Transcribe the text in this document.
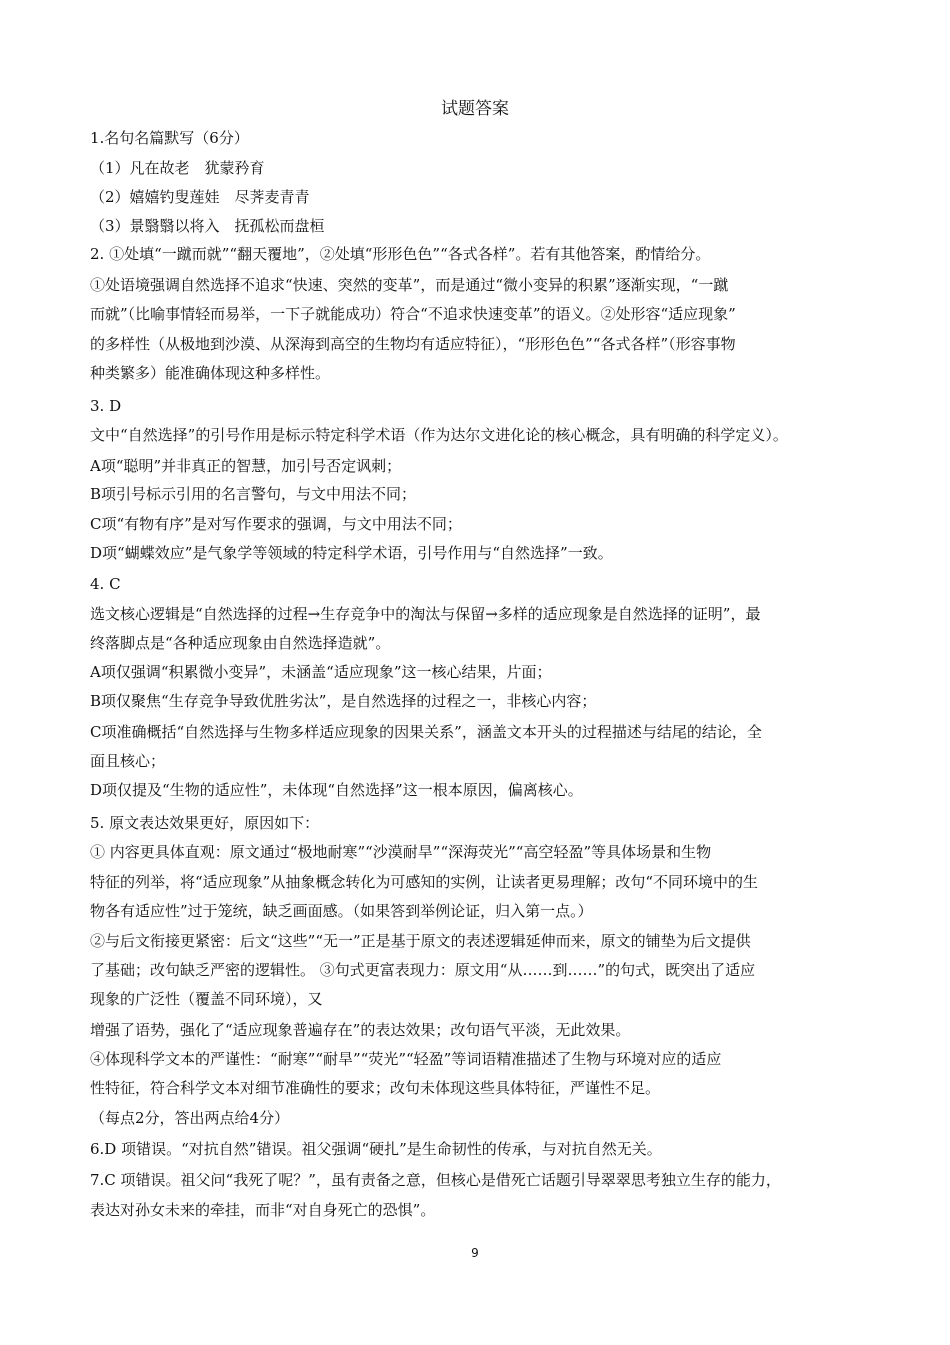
试题答案
1.名句名篇默写（6分）
（1）凡在故老　犹蒙矜育
（2）嬉嬉钓叟莲娃　尽荠麦青青
（3）景翳翳以将入　抚孤松而盘桓
2. ①处填“一蹴而就”“翻天覆地”，②处填“形形色色”“各式各样”。若有其他答案，酌情给分。
①处语境强调自然选择不追求“快速、突然的变革”，而是通过“微小变异的积累”逐渐实现，“一蹴
而就”（比喻事情轻而易举，一下子就能成功）符合“不追求快速变革”的语义。②处形容“适应现象”
的多样性（从极地到沙漠、从深海到高空的生物均有适应特征），“形形色色”“各式各样”（形容事物
种类繁多）能准确体现这种多样性。
3. D
文中“自然选择”的引号作用是标示特定科学术语（作为达尔文进化论的核心概念，具有明确的科学定义）。
A项“聪明”并非真正的智慧，加引号否定讽刺；
B项引号标示引用的名言警句，与文中用法不同；
C项“有物有序”是对写作要求的强调，与文中用法不同；
D项“蝴蝶效应”是气象学等领域的特定科学术语，引号作用与“自然选择”一致。
4. C
选文核心逻辑是“自然选择的过程→生存竞争中的淘汰与保留→多样的适应现象是自然选择的证明”，最
终落脚点是“各种适应现象由自然选择造就”。
A项仅强调“积累微小变异”，未涵盖“适应现象”这一核心结果，片面；
B项仅聚焦“生存竞争导致优胜劣汰”，是自然选择的过程之一，非核心内容；
C项准确概括“自然选择与生物多样适应现象的因果关系”，涵盖文本开头的过程描述与结尾的结论，全
面且核心；
D项仅提及“生物的适应性”，未体现“自然选择”这一根本原因，偏离核心。
5. 原文表达效果更好，原因如下：
① 内容更具体直观：原文通过“极地耐寒”“沙漠耐旱”“深海荧光”“高空轻盈”等具体场景和生物
特征的列举，将“适应现象”从抽象概念转化为可感知的实例，让读者更易理解；改句“不同环境中的生
物各有适应性”过于笼统，缺乏画面感。（如果答到举例论证，归入第一点。）
②与后文衔接更紧密：后文“这些”“无一”正是基于原文的表述逻辑延伸而来，原文的铺垫为后文提供
了基础；改句缺乏严密的逻辑性。 ③句式更富表现力：原文用“从……到……”的句式，既突出了适应
现象的广泛性（覆盖不同环境），又
增强了语势，强化了“适应现象普遍存在”的表达效果；改句语气平淡，无此效果。
④体现科学文本的严谨性：“耐寒”“耐旱”“荧光”“轻盈”等词语精准描述了生物与环境对应的适应
性特征，符合科学文本对细节准确性的要求；改句未体现这些具体特征，严谨性不足。
（每点2分，答出两点给4分）
6.D 项错误。“对抗自然”错误。祖父强调“硬扎”是生命韧性的传承，与对抗自然无关。
7.C 项错误。祖父问“我死了呢？”，虽有责备之意，但核心是借死亡话题引导翠翠思考独立生存的能力，
表达对孙女未来的牵挂，而非“对自身死亡的恐惧”。
9
